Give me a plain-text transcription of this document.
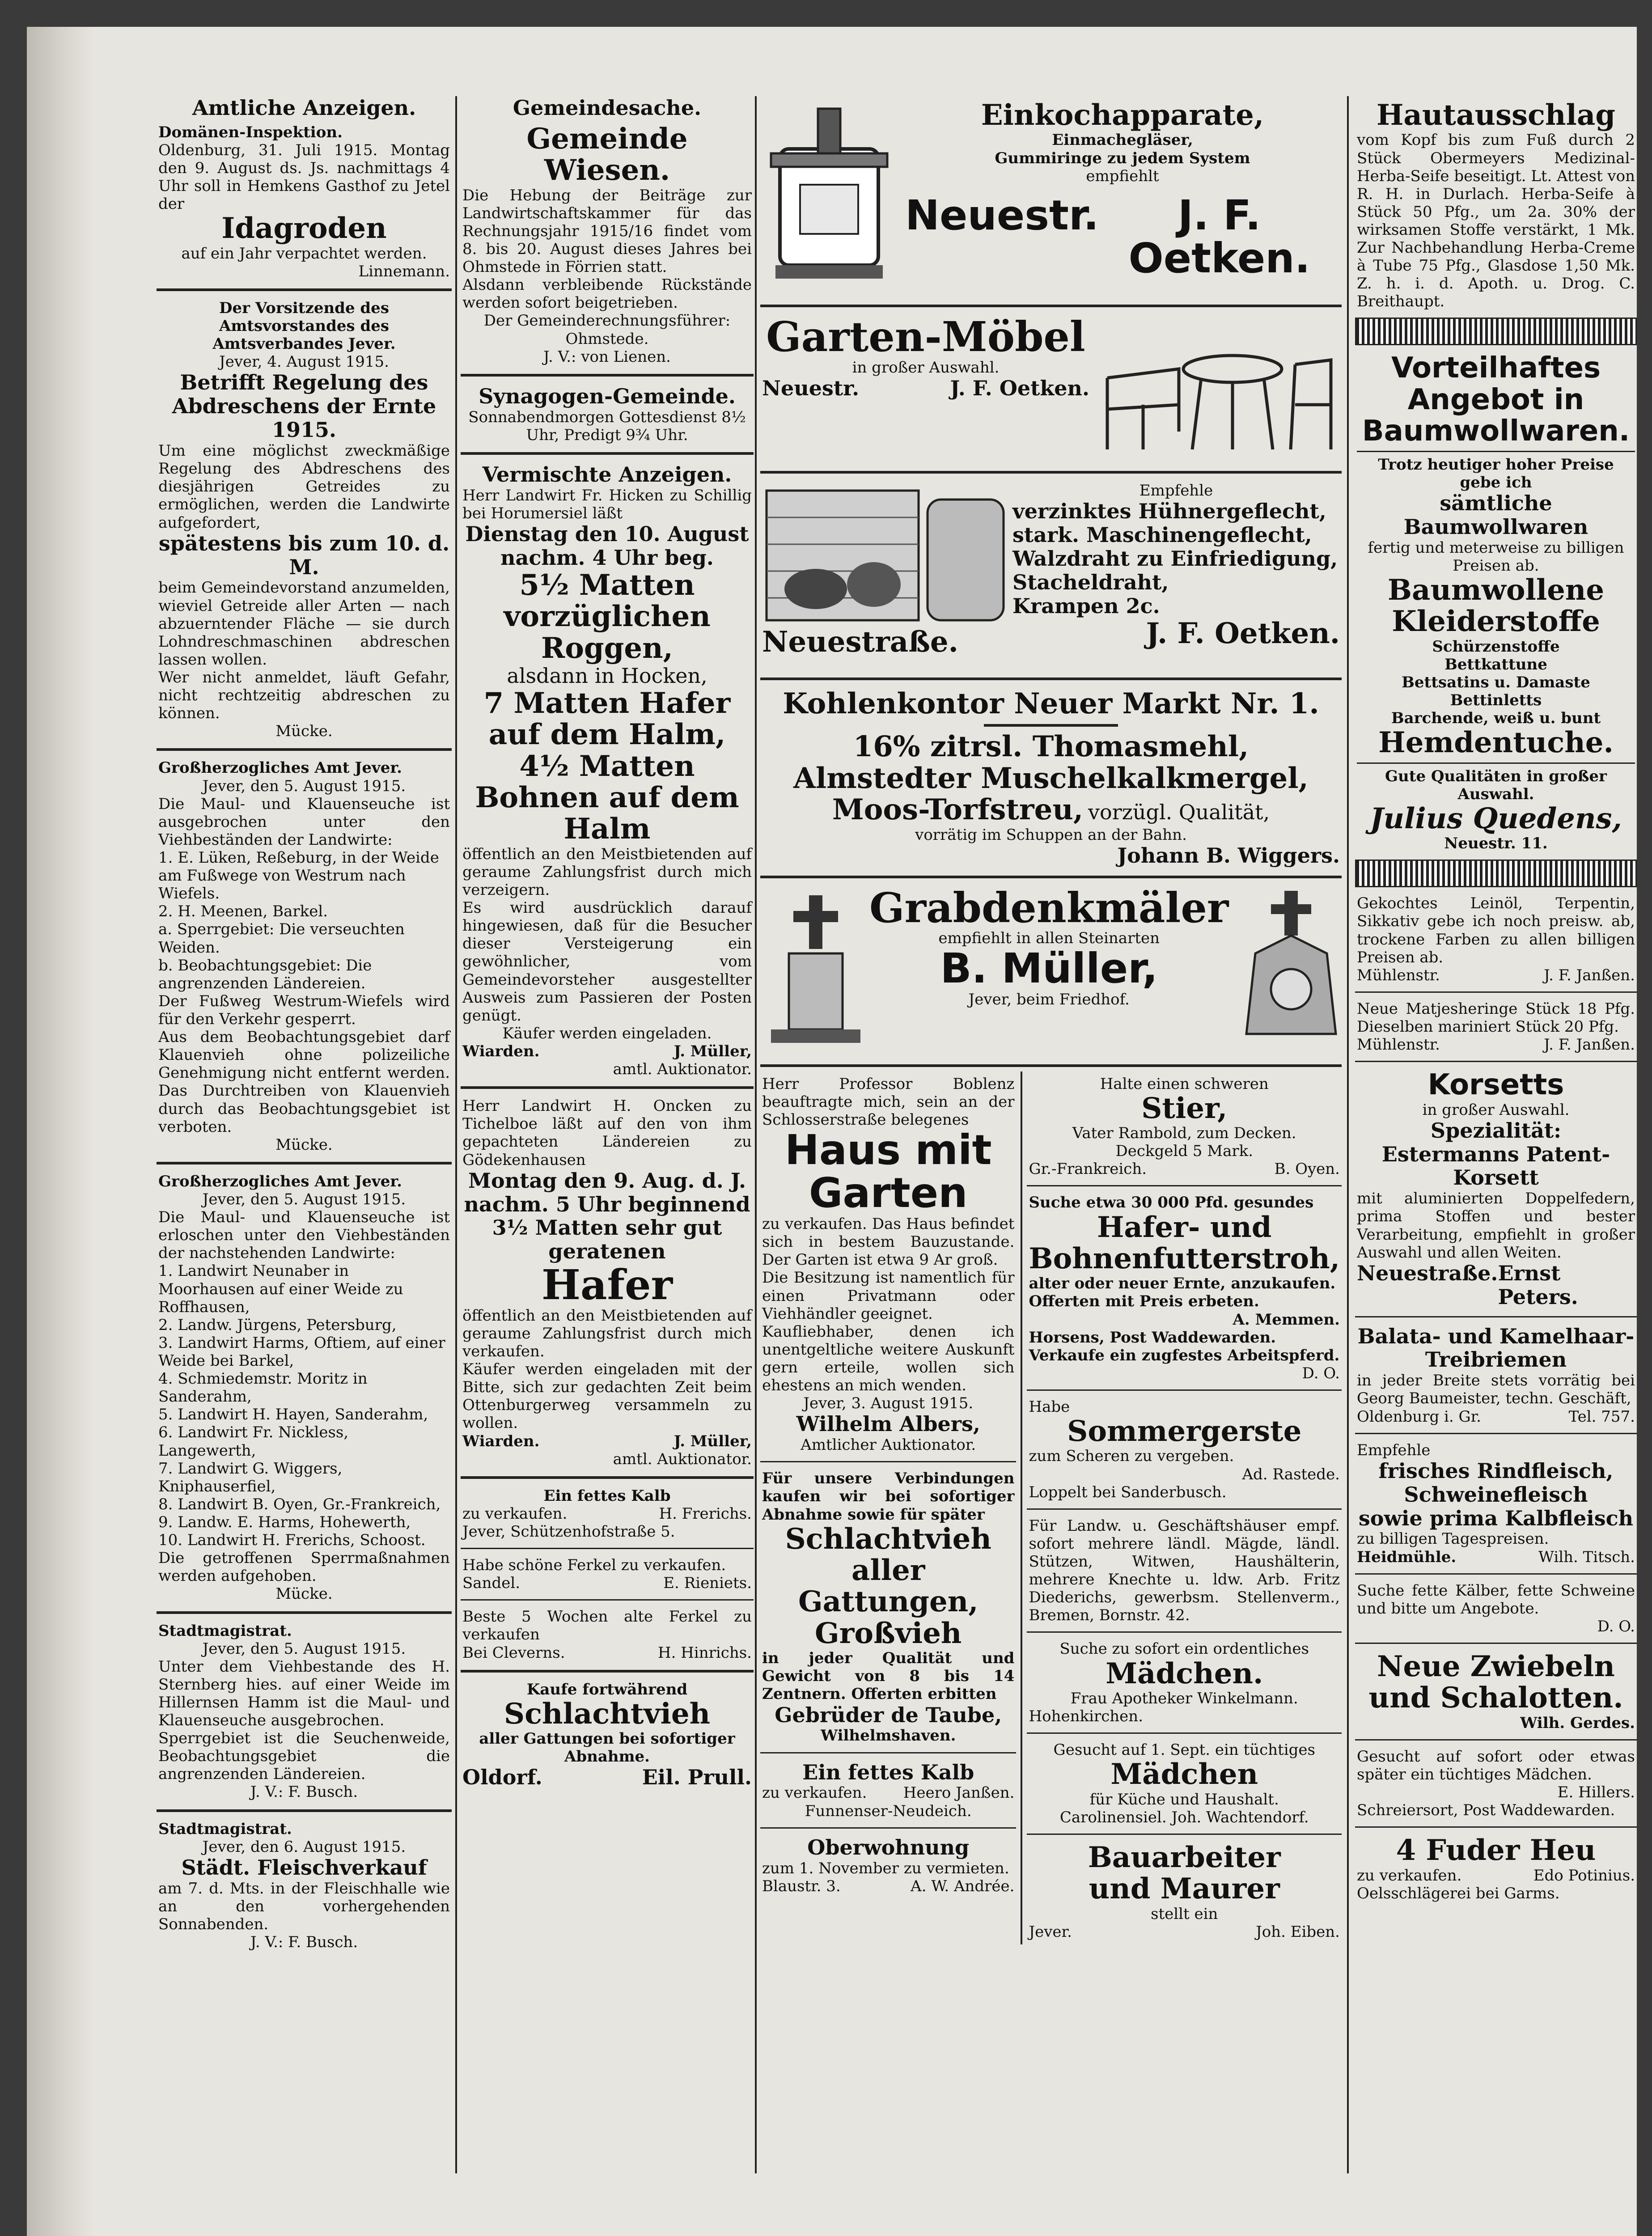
Amtliche Anzeigen.

Domänen-Inspektion.

Oldenburg, 31. Juli 1915. Montag den 9. August ds. Js. nachmittags 4 Uhr soll in Hemkens Gasthof zu Jetel der

Idagroden

auf ein Jahr verpachtet werden.

Linnemann.

Der Vorsitzende des Amtsvorstandes des Amtsverbandes Jever.

Jever, 4. August 1915.

Betrifft Regelung des Abdreschens der Ernte 1915.

Um eine möglichst zweckmäßige Regelung des Abdreschens des diesjährigen Getreides zu ermöglichen, werden die Landwirte aufgefordert,

spätestens bis zum 10. d. M.

beim Gemeindevorstand anzumelden, wieviel Getreide aller Arten — nach abzuerntender Fläche — sie durch Lohndreschmaschinen abdreschen lassen wollen.

Wer nicht anmeldet, läuft Gefahr, nicht rechtzeitig abdreschen zu können.

Mücke.

Großherzogliches Amt Jever.

Jever, den 5. August 1915.

Die Maul- und Klauenseuche ist ausgebrochen unter den Viehbeständen der Landwirte:

1. E. Lüken, Reßeburg, in der Weide am Fußwege von Westrum nach Wiefels.

2. H. Meenen, Barkel.

a. Sperrgebiet: Die verseuchten Weiden.

b. Beobachtungsgebiet: Die angrenzenden Ländereien.

Der Fußweg Westrum-Wiefels wird für den Verkehr gesperrt.

Aus dem Beobachtungsgebiet darf Klauenvieh ohne polizeiliche Genehmigung nicht entfernt werden. Das Durchtreiben von Klauenvieh durch das Beobachtungsgebiet ist verboten.

Mücke.

Großherzogliches Amt Jever.

Jever, den 5. August 1915.

Die Maul- und Klauenseuche ist erloschen unter den Viehbeständen der nachstehenden Landwirte:

1. Landwirt Neunaber in Moorhausen auf einer Weide zu Roffhausen,

2. Landw. Jürgens, Petersburg,

3. Landwirt Harms, Oftiem, auf einer Weide bei Barkel,

4. Schmiedemstr. Moritz in Sanderahm,

5. Landwirt H. Hayen, Sanderahm,

6. Landwirt Fr. Nickless, Langewerth,

7. Landwirt G. Wiggers, Kniphauserfiel,

8. Landwirt B. Oyen, Gr.-Frankreich,

9. Landw. E. Harms, Hohewerth,

10. Landwirt H. Frerichs, Schoost.

Die getroffenen Sperrmaßnahmen werden aufgehoben.

Mücke.

Stadtmagistrat.

Jever, den 5. August 1915.

Unter dem Viehbestande des H. Sternberg hies. auf einer Weide im Hillernsen Hamm ist die Maul- und Klauenseuche ausgebrochen.

Sperrgebiet ist die Seuchenweide, Beobachtungsgebiet die angrenzenden Ländereien.

J. V.: F. Busch.

Stadtmagistrat.

Jever, den 6. August 1915.

Städt. Fleischverkauf

am 7. d. Mts. in der Fleischhalle wie an den vorhergehenden Sonnabenden.

J. V.: F. Busch.

Gemeindesache.

Gemeinde Wiesen.

Die Hebung der Beiträge zur Landwirtschaftskammer für das Rechnungsjahr 1915/16 findet vom 8. bis 20. August dieses Jahres bei Ohmstede in Förrien statt.

Alsdann verbleibende Rückstände werden sofort beigetrieben.

Der Gemeinderechnungsführer: Ohmstede.

J. V.: von Lienen.

Synagogen-Gemeinde.

Sonnabendmorgen Gottesdienst 8½ Uhr, Predigt 9¾ Uhr.

Vermischte Anzeigen.

Herr Landwirt Fr. Hicken zu Schillig bei Horumersiel läßt

Dienstag den 10. August nachm. 4 Uhr beg.

5½ Matten vorzüglichen Roggen,

alsdann in Hocken,

7 Matten Hafer auf dem Halm,

4½ Matten Bohnen auf dem Halm

öffentlich an den Meistbietenden auf geraume Zahlungsfrist durch mich verzeigern.

Es wird ausdrücklich darauf hingewiesen, daß für die Besucher dieser Versteigerung ein gewöhnlicher, vom Gemeindevorsteher ausgestellter Ausweis zum Passieren der Posten genügt.

Käufer werden eingeladen.

Wiarden.	J. Müller,

amtl. Auktionator.

Herr Landwirt H. Oncken zu Tichelboe läßt auf den von ihm gepachteten Ländereien zu Gödekenhausen

Montag den 9. Aug. d. J. nachm. 5 Uhr beginnend

3½ Matten sehr gut geratenen

Hafer

öffentlich an den Meistbietenden auf geraume Zahlungsfrist durch mich verkaufen.

Käufer werden eingeladen mit der Bitte, sich zur gedachten Zeit beim Ottenburgerweg versammeln zu wollen.

Wiarden.	J. Müller,

amtl. Auktionator.

Ein fettes Kalb

zu verkaufen.	H. Frerichs.

Jever, Schützenhofstraße 5.

Habe schöne Ferkel zu verkaufen.

Sandel.	E. Rieniets.

Beste 5 Wochen alte Ferkel zu verkaufen

Bei Cleverns.	H. Hinrichs.

Kaufe fortwährend

Schlachtvieh

aller Gattungen bei sofortiger Abnahme.

Oldorf.	Eil. Prull.

Einkochapparate,

Einmachegläser,

Gummiringe zu jedem System

empfiehlt

Neuestr.	J. F. Oetken.

Garten-Möbel

in großer Auswahl.

Neuestr.	J. F. Oetken.

Neuestraße.

Empfehle

verzinktes Hühnergeflecht,

stark. Maschinengeflecht,

Walzdraht zu Einfriedigung,

Stacheldraht,

Krampen 2c.

J. F. Oetken.

Kohlenkontor Neuer Markt Nr. 1.

16% zitrsl. Thomasmehl,

Almstedter Muschelkalkmergel,

Moos-Torfstreu, vorzügl. Qualität,

vorrätig im Schuppen an der Bahn.

Johann B. Wiggers.

Grabdenkmäler

empfiehlt in allen Steinarten

B. Müller,

Jever, beim Friedhof.

Herr Professor Boblenz beauftragte mich, sein an der Schlosserstraße belegenes

Haus mit Garten

zu verkaufen. Das Haus befindet sich in bestem Bauzustande. Der Garten ist etwa 9 Ar groß.

Die Besitzung ist namentlich für einen Privatmann oder Viehhändler geeignet.

Kaufliebhaber, denen ich unentgeltliche weitere Auskunft gern erteile, wollen sich ehestens an mich wenden.

Jever, 3. August 1915.

Wilhelm Albers,

Amtlicher Auktionator.

Für unsere Verbindungen kaufen wir bei sofortiger Abnahme sowie für später

Schlachtvieh

aller Gattungen,

Großvieh

in jeder Qualität und Gewicht von 8 bis 14 Zentnern. Offerten erbitten

Gebrüder de Taube,

Wilhelmshaven.

Ein fettes Kalb

zu verkaufen. Heero Janßen.

Funnenser-Neudeich.

Oberwohnung

zum 1. November zu vermieten.

Blaustr. 3.	A. W. Andrée.

Halte einen schweren

Stier,

Vater Rambold, zum Decken.

Deckgeld 5 Mark.

Gr.-Frankreich.	B. Oyen.

Suche etwa 30 000 Pfd. gesundes

Hafer- und Bohnenfutterstroh,

alter oder neuer Ernte, anzukaufen.

Offerten mit Preis erbeten.

A. Memmen.

Horsens, Post Waddewarden.

Verkaufe ein zugfestes Arbeitspferd.

D. O.

Habe

Sommergerste

zum Scheren zu vergeben.

Ad. Rastede.

Loppelt bei Sanderbusch.

Für Landw. u. Geschäftshäuser empf. sofort mehrere ländl. Mägde, ländl. Stützen, Witwen, Haushälterin, mehrere Knechte u. ldw. Arb. Fritz Diederichs, gewerbsm. Stellenverm., Bremen, Bornstr. 42.

Suche zu sofort ein ordentliches

Mädchen.

Frau Apotheker Winkelmann.

Hohenkirchen.

Gesucht auf 1. Sept. ein tüchtiges

Mädchen

für Küche und Haushalt.

Carolinensiel. Joh. Wachtendorf.

Bauarbeiter

und Maurer

stellt ein

Jever.	Joh. Eiben.

Hautausschlag

vom Kopf bis zum Fuß durch 2 Stück Obermeyers Medizinal-Herba-Seife beseitigt. Lt. Attest von R. H. in Durlach. Herba-Seife à Stück 50 Pfg., um 2a. 30% der wirksamen Stoffe verstärkt, 1 Mk. Zur Nachbehandlung Herba-Creme à Tube 75 Pfg., Glasdose 1,50 Mk. Z. h. i. d. Apoth. u. Drog. C. Breithaupt.

Vorteilhaftes Angebot in Baumwollwaren.

Trotz heutiger hoher Preise gebe ich

sämtliche Baumwollwaren

fertig und meterweise zu billigen Preisen ab.

Baumwollene Kleiderstoffe

Schürzenstoffe

Bettkattune

Bettsatins u. Damaste

Bettinletts

Barchende, weiß u. bunt

Hemdentuche.

Gute Qualitäten in großer Auswahl.

Julius Quedens,

Neuestr. 11.

Gekochtes Leinöl, Terpentin, Sikkativ gebe ich noch preisw. ab, trockene Farben zu allen billigen Preisen ab.

Mühlenstr.	J. F. Janßen.

Neue Matjesheringe Stück 18 Pfg. Dieselben mariniert Stück 20 Pfg.

Mühlenstr.	J. F. Janßen.

Korsetts

in großer Auswahl.

Spezialität:

Estermanns Patent-Korsett

mit aluminierten Doppelfedern, prima Stoffen und bester Verarbeitung, empfiehlt in großer Auswahl und allen Weiten.

Neuestraße. Ernst Peters.

Balata- und Kamelhaar-Treibriemen

in jeder Breite stets vorrätig bei Georg Baumeister, techn. Geschäft,

Oldenburg i. Gr.	Tel. 757.

Empfehle

frisches Rindfleisch,

Schweinefleisch

sowie prima Kalbfleisch

zu billigen Tagespreisen.

Heidmühle.	Wilh. Titsch.

Suche fette Kälber, fette Schweine und bitte um Angebote.

D. O.

Neue Zwiebeln und Schalotten.

Wilh. Gerdes.

Gesucht auf sofort oder etwas später ein tüchtiges Mädchen.

E. Hillers.

Schreiersort, Post Waddewarden.

4 Fuder Heu

zu verkaufen.	Edo Potinius.

Oelsschlägerei bei Garms.
